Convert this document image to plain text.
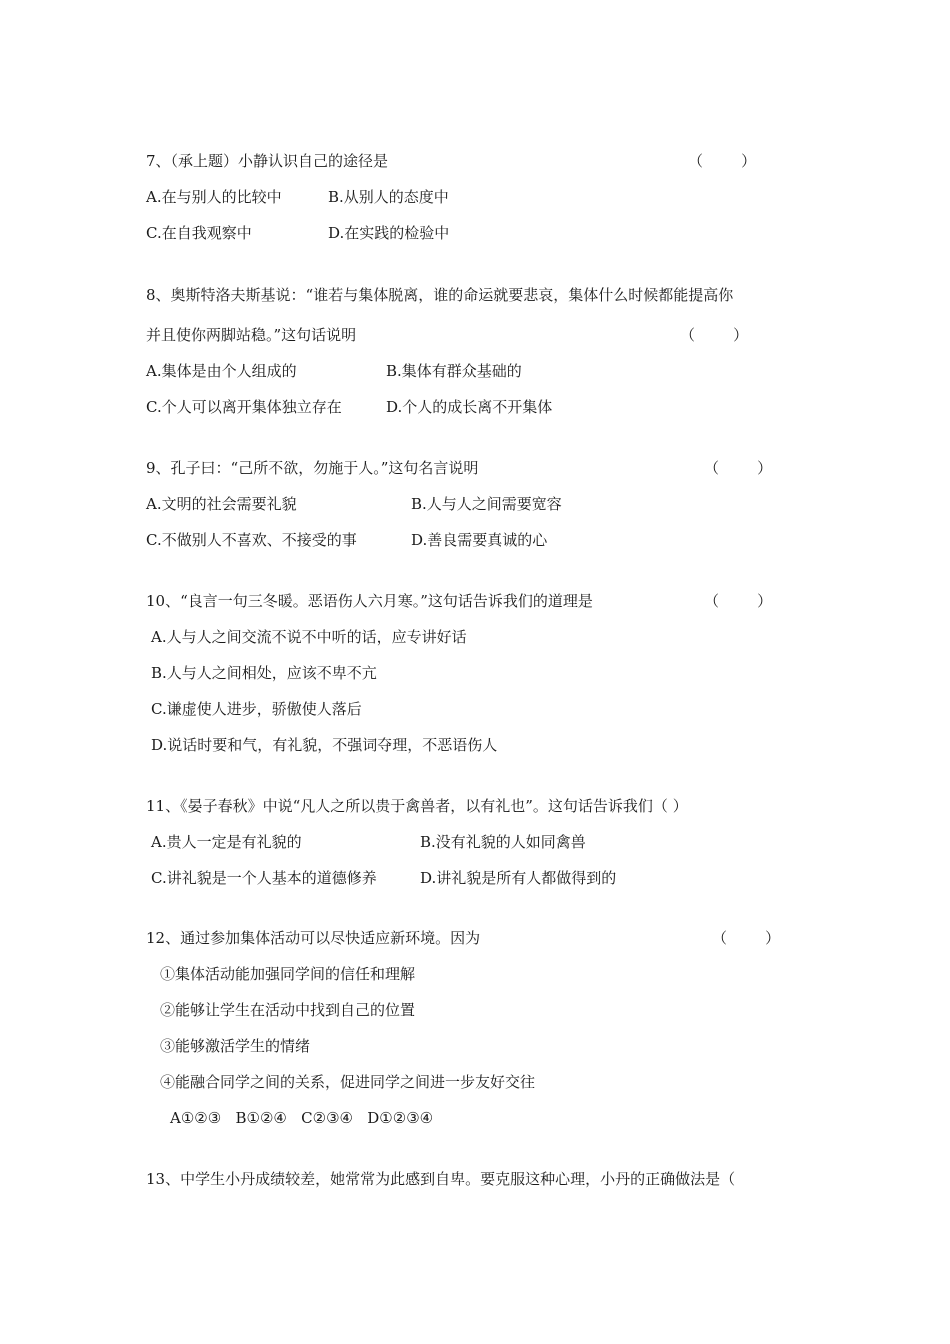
7、（承上题）小静认识自己的途径是	（        ）
A.在与别人的比较中	B.从别人的态度中
C.在自我观察中	D.在实践的检验中
8、奥斯特洛夫斯基说：“谁若与集体脱离，谁的命运就要悲哀，集体什么时候都能提高你
并且使你两脚站稳。”这句话说明	（        ）
A.集体是由个人组成的	B.集体有群众基础的
C.个人可以离开集体独立存在	D.个人的成长离不开集体
9、孔子曰：“己所不欲，勿施于人。”这句名言说明	（        ）
A.文明的社会需要礼貌	B.人与人之间需要宽容
C.不做别人不喜欢、不接受的事	D.善良需要真诚的心
10、“良言一句三冬暖。恶语伤人六月寒。”这句话告诉我们的道理是	（        ）
A.人与人之间交流不说不中听的话，应专讲好话
B.人与人之间相处，应该不卑不亢
C.谦虚使人进步，骄傲使人落后
D.说话时要和气，有礼貌，不强词夺理，不恶语伤人
11、《晏子春秋》中说“凡人之所以贵于禽兽者，以有礼也”。这句话告诉我们（ ）
A.贵人一定是有礼貌的	B.没有礼貌的人如同禽兽
C.讲礼貌是一个人基本的道德修养	D.讲礼貌是所有人都做得到的
12、通过参加集体活动可以尽快适应新环境。因为	（        ）
①集体活动能加强同学间的信任和理解
②能够让学生在活动中找到自己的位置
③能够激活学生的情绪
④能融合同学之间的关系，促进同学之间进一步友好交往
A①②③   B①②④   C②③④   D①②③④
13、中学生小丹成绩较差，她常常为此感到自卑。要克服这种心理，小丹的正确做法是（
